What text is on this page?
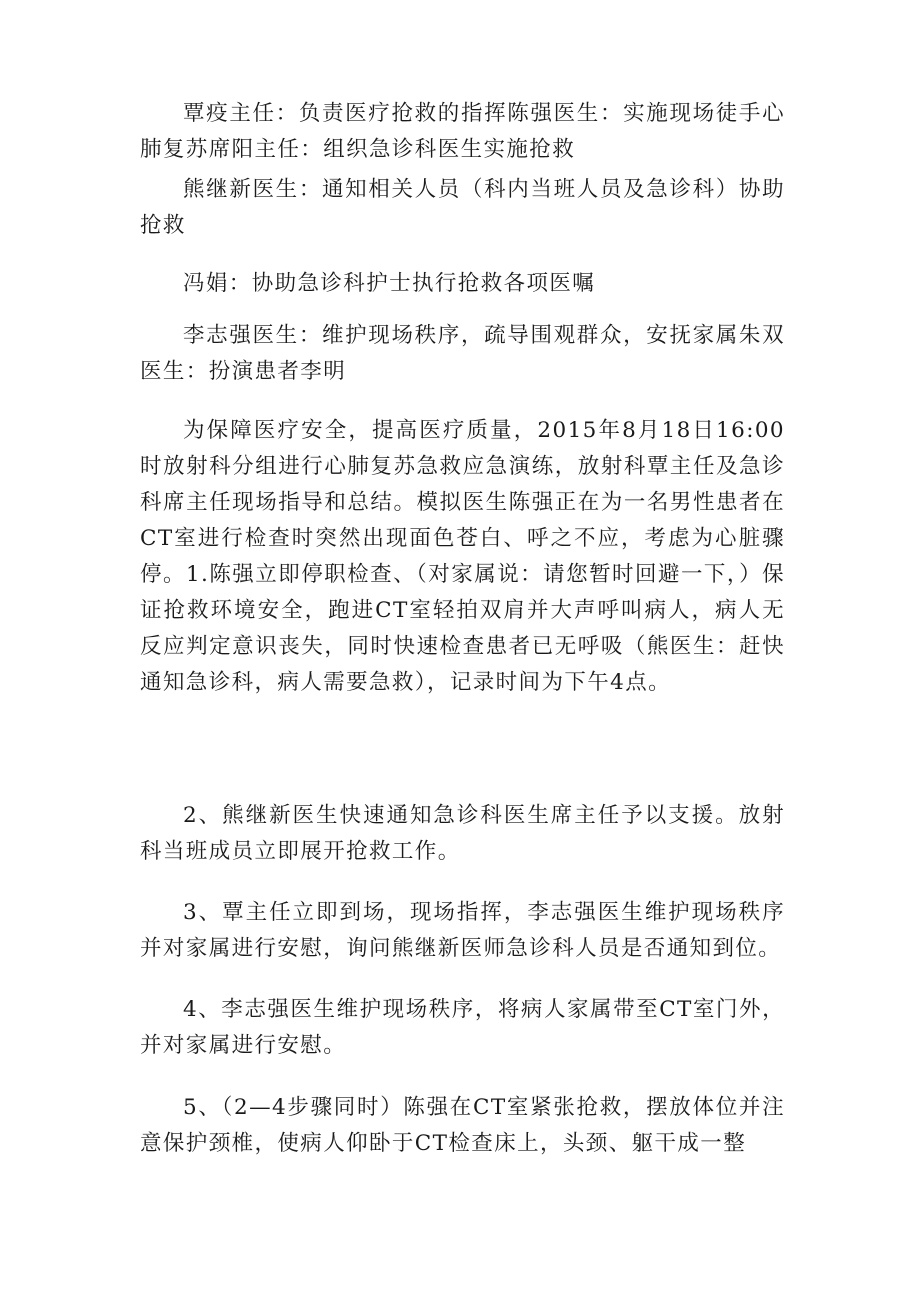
覃疫主任：负责医疗抢救的指挥陈强医生：实施现场徒手心肺复苏席阳主任：组织急诊科医生实施抢救

熊继新医生：通知相关人员（科内当班人员及急诊科）协助抢救

冯娟：协助急诊科护士执行抢救各项医嘱

李志强医生：维护现场秩序，疏导围观群众，安抚家属朱双医生：扮演患者李明

为保障医疗安全，提高医疗质量，2015年8月18日16:00时放射科分组进行心肺复苏急救应急演练，放射科覃主任及急诊科席主任现场指导和总结。模拟医生陈强正在为一名男性患者在CT室进行检查时突然出现面色苍白、呼之不应，考虑为心脏骤停。1.陈强立即停职检查、（对家属说：请您暂时回避一下，）保证抢救环境安全，跑进CT室轻拍双肩并大声呼叫病人，病人无反应判定意识丧失，同时快速检查患者已无呼吸（熊医生：赶快通知急诊科，病人需要急救），记录时间为下午4点。

2、熊继新医生快速通知急诊科医生席主任予以支援。放射科当班成员立即展开抢救工作。

3、覃主任立即到场，现场指挥，李志强医生维护现场秩序并对家属进行安慰，询问熊继新医师急诊科人员是否通知到位。

4、李志强医生维护现场秩序，将病人家属带至CT室门外，并对家属进行安慰。

5、（2—4步骤同时）陈强在CT室紧张抢救，摆放体位并注意保护颈椎，使病人仰卧于CT检查床上，头颈、躯干成一整
